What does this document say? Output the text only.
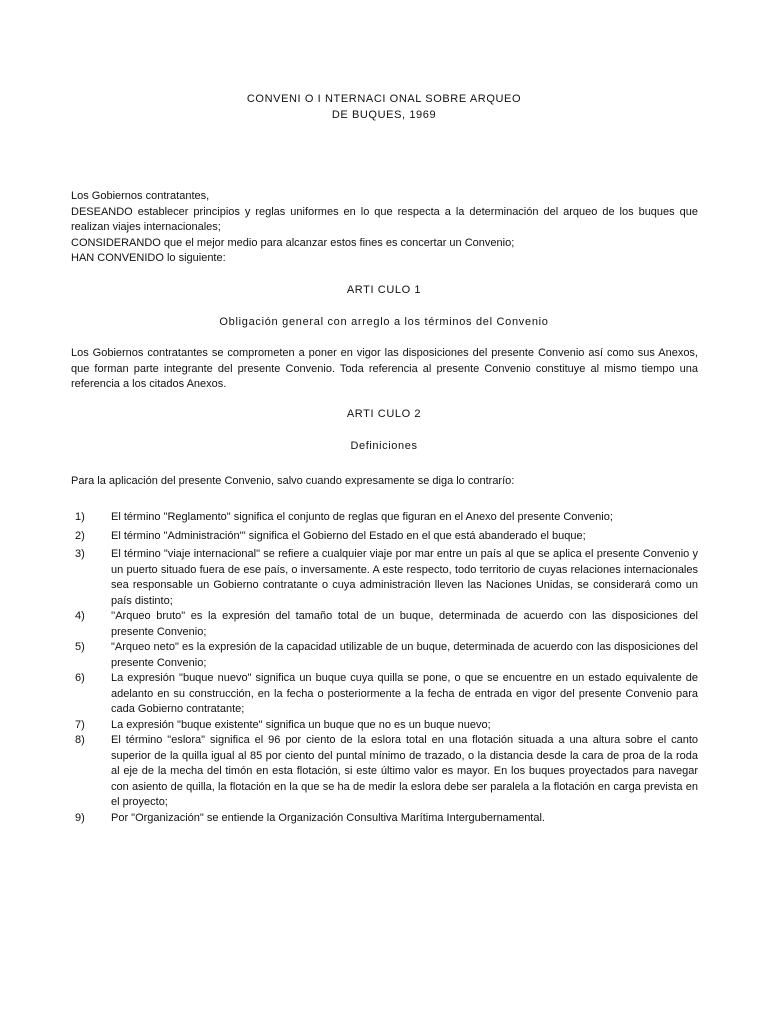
CONVENI O I NTERNACI ONAL SOBRE ARQUEO
DE BUQUES, 1969
Los Gobiernos contratantes,
DESEANDO establecer principios y reglas uniformes en lo que respecta a la determinación del arqueo de los buques que realizan viajes internacionales;
CONSIDERANDO que el mejor medio para alcanzar estos fines es concertar un Convenio;
HAN CONVENIDO lo siguiente:
ARTI CULO 1
Obligación general con arreglo a los términos del Convenio
Los Gobiernos contratantes se comprometen a poner en vigor las disposiciones del presente Convenio así como sus Anexos, que forman parte integrante del presente Convenio. Toda referencia al presente Convenio constituye al mismo tiempo una referencia a los citados Anexos.
ARTI CULO 2
Definiciones
Para la aplicación del presente Convenio, salvo cuando expresamente se diga lo contrarío:
1) El término "Reglamento" significa el conjunto de reglas que figuran en el Anexo del presente Convenio;
2) El término "Administración'" significa el Gobierno del Estado en el que está abanderado el buque;
3) El término "viaje internacional" se refiere a cualquier viaje por mar entre un país al que se aplica el presente Convenio y un puerto situado fuera de ese país, o inversamente. A este respecto, todo territorio de cuyas relaciones internacionales sea responsable un Gobierno contratante o cuya administración lleven las Naciones Unidas, se considerará como un país distinto;
4) ''Arqueo bruto" es la expresión del tamaño total de un buque, determinada de acuerdo con las disposiciones del presente Convenio;
5) "Arqueo neto" es la expresión de la capacidad utilizable de un buque, determinada de acuerdo con las disposiciones del presente Convenio;
6) La expresión "buque nuevo" significa un buque cuya quilla se pone, o que se encuentre en un estado equivalente de adelanto en su construcción, en la fecha o posteriormente a la fecha de entrada en vigor del presente Convenio para cada Gobierno contratante;
7) La expresión "buque existente" significa un buque que no es un buque nuevo;
8) El término "eslora" significa el 96 por ciento de la eslora total en una flotación situada a una altura sobre el canto superior de la quilla igual al 85 por ciento del puntal mínimo de trazado, o la distancia desde la cara de proa de la roda al eje de la mecha del timón en esta flotación, si este último valor es mayor. En los buques proyectados para navegar con asiento de quilla, la flotación en la que se ha de medir la eslora debe ser paralela a la flotación en carga prevista en el proyecto;
9) Por "Organización" se entiende la Organización Consultiva Marítima Intergubernamental.
